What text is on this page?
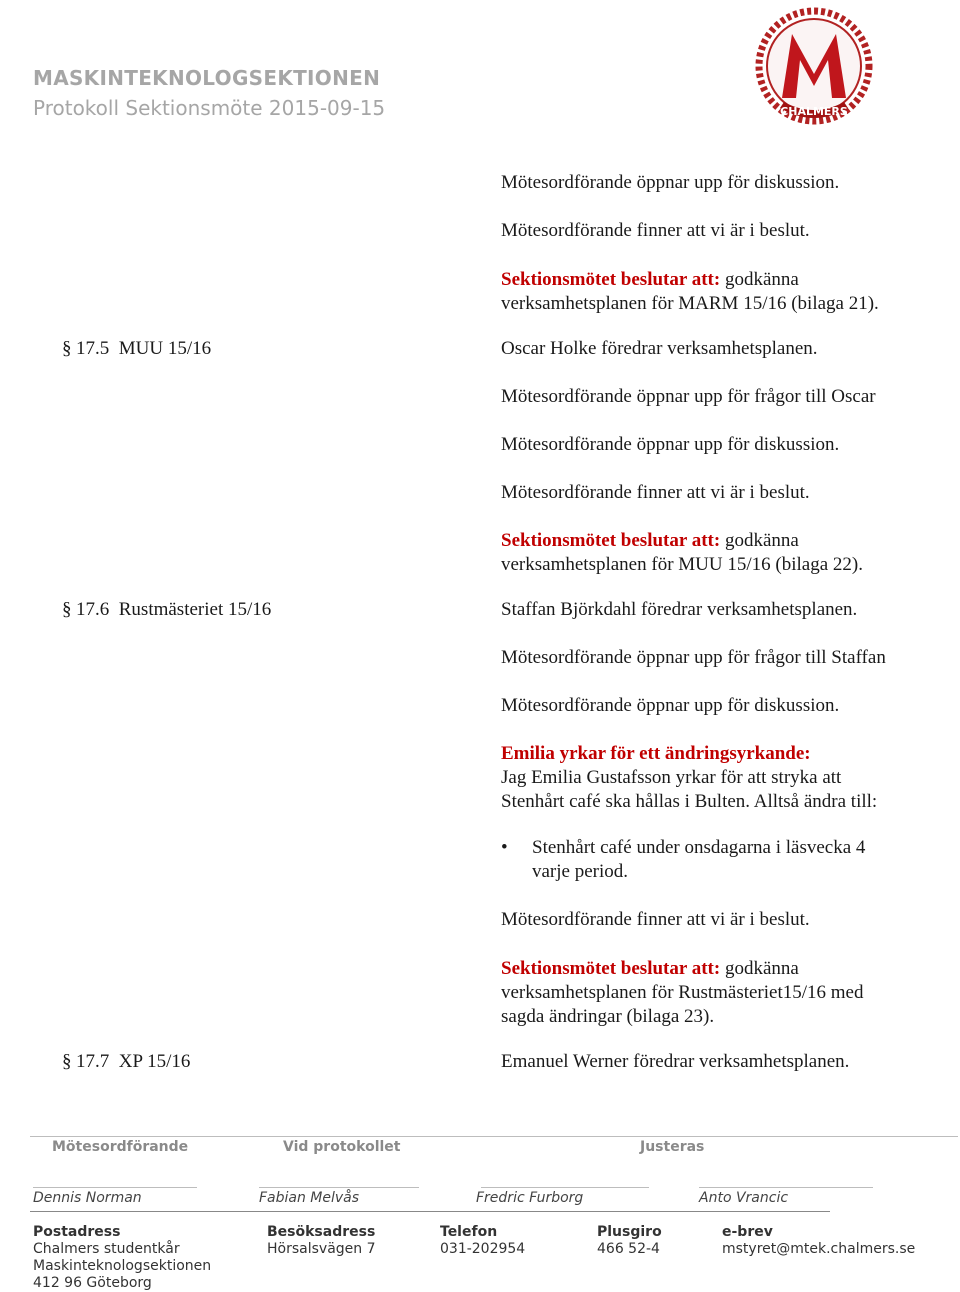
MASKINTEKNOLOGSEKTIONEN
Protokoll Sektionsmöte 2015-09-15	CHALMERS
Mötesordförande öppnar upp för diskussion.
Mötesordförande finner att vi är i beslut.
Sektionsmötet beslutar att: godkänna
verksamhetsplanen för MARM 15/16 (bilaga 21).
§ 17.5 MUU 15/16	Oscar Holke föredrar verksamhetsplanen.
Mötesordförande öppnar upp för frågor till Oscar
Mötesordförande öppnar upp för diskussion.
Mötesordförande finner att vi är i beslut.
Sektionsmötet beslutar att: godkänna
verksamhetsplanen för MUU 15/16 (bilaga 22).
§ 17.6 Rustmästeriet 15/16	Staffan Björkdahl föredrar verksamhetsplanen.
Mötesordförande öppnar upp för frågor till Staffan
Mötesordförande öppnar upp för diskussion.
Emilia yrkar för ett ändringsyrkande:
Jag Emilia Gustafsson yrkar för att stryka att
Stenhårt café ska hållas i Bulten. Alltså ändra till:
• Stenhårt café under onsdagarna i läsvecka 4
varje period.
Mötesordförande finner att vi är i beslut.
Sektionsmötet beslutar att: godkänna
verksamhetsplanen för Rustmästeriet15/16 med
sagda ändringar (bilaga 23).
§ 17.7 XP 15/16	Emanuel Werner föredrar verksamhetsplanen.
Mötesordförande	Vid protokollet	Justeras
Dennis Norman	Fabian Melvås	Fredric Furborg	Anto Vrancic
Postadress
Chalmers studentkår
Maskinteknologsektionen
412 96 Göteborg
Besöksadress
Hörsalsvägen 7
Telefon
031-202954
Plusgiro
466 52-4
e-brev
mstyret@mtek.chalmers.se
